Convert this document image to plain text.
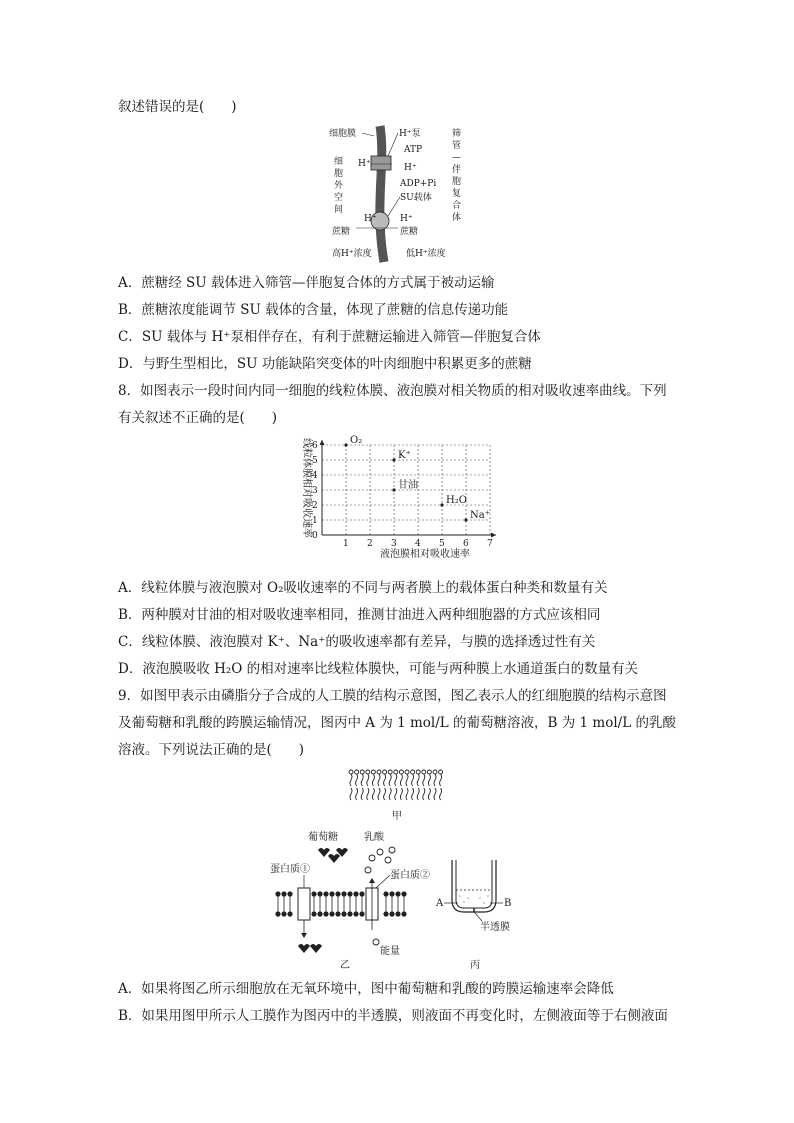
叙述错误的是(　　)
细胞膜	H⁺泵
ATP
H⁺	H⁺
ADP+Pi
SU载体
H⁺	H⁺
蔗糖	蔗糖
高H⁺浓度	低H⁺浓度
细
胞
外
空
间
筛
管
—
伴
胞
复
合
体
A．蔗糖经 SU 载体进入筛管—伴胞复合体的方式属于被动运输
B．蔗糖浓度能调节 SU 载体的含量，体现了蔗糖的信息传递功能
C．SU 载体与 H⁺泵相伴存在，有利于蔗糖运输进入筛管—伴胞复合体
D．与野生型相比，SU 功能缺陷突变体的叶肉细胞中积累更多的蔗糖
8．如图表示一段时间内同一细胞的线粒体膜、液泡膜对相关物质的相对吸收速率曲线。下列
有关叙述不正确的是(　　)
1 2 3 4 5 6 7
0
1
2
3
4
5
6	O₂
K⁺
甘油
H₂O
Na⁺
液泡膜相对吸收速率
线粒体膜相对吸收速率
A．线粒体膜与液泡膜对 O₂吸收速率的不同与两者膜上的载体蛋白种类和数量有关
B．两种膜对甘油的相对吸收速率相同，推测甘油进入两种细胞器的方式应该相同
C．线粒体膜、液泡膜对 K⁺、Na⁺的吸收速率都有差异，与膜的选择透过性有关
D．液泡膜吸收 H₂O 的相对速率比线粒体膜快，可能与两种膜上水通道蛋白的数量有关
9．如图甲表示由磷脂分子合成的人工膜的结构示意图，图乙表示人的红细胞膜的结构示意图
及葡萄糖和乳酸的跨膜运输情况，图丙中 A 为 1 mol/L 的葡萄糖溶液，B 为 1 mol/L 的乳酸
溶液。下列说法正确的是(　　)
甲
葡萄糖	乳酸
蛋白质①
蛋白质②
能量
乙
A	B
半透膜
丙
A．如果将图乙所示细胞放在无氧环境中，图中葡萄糖和乳酸的跨膜运输速率会降低
B．如果用图甲所示人工膜作为图丙中的半透膜，则液面不再变化时，左侧液面等于右侧液面
